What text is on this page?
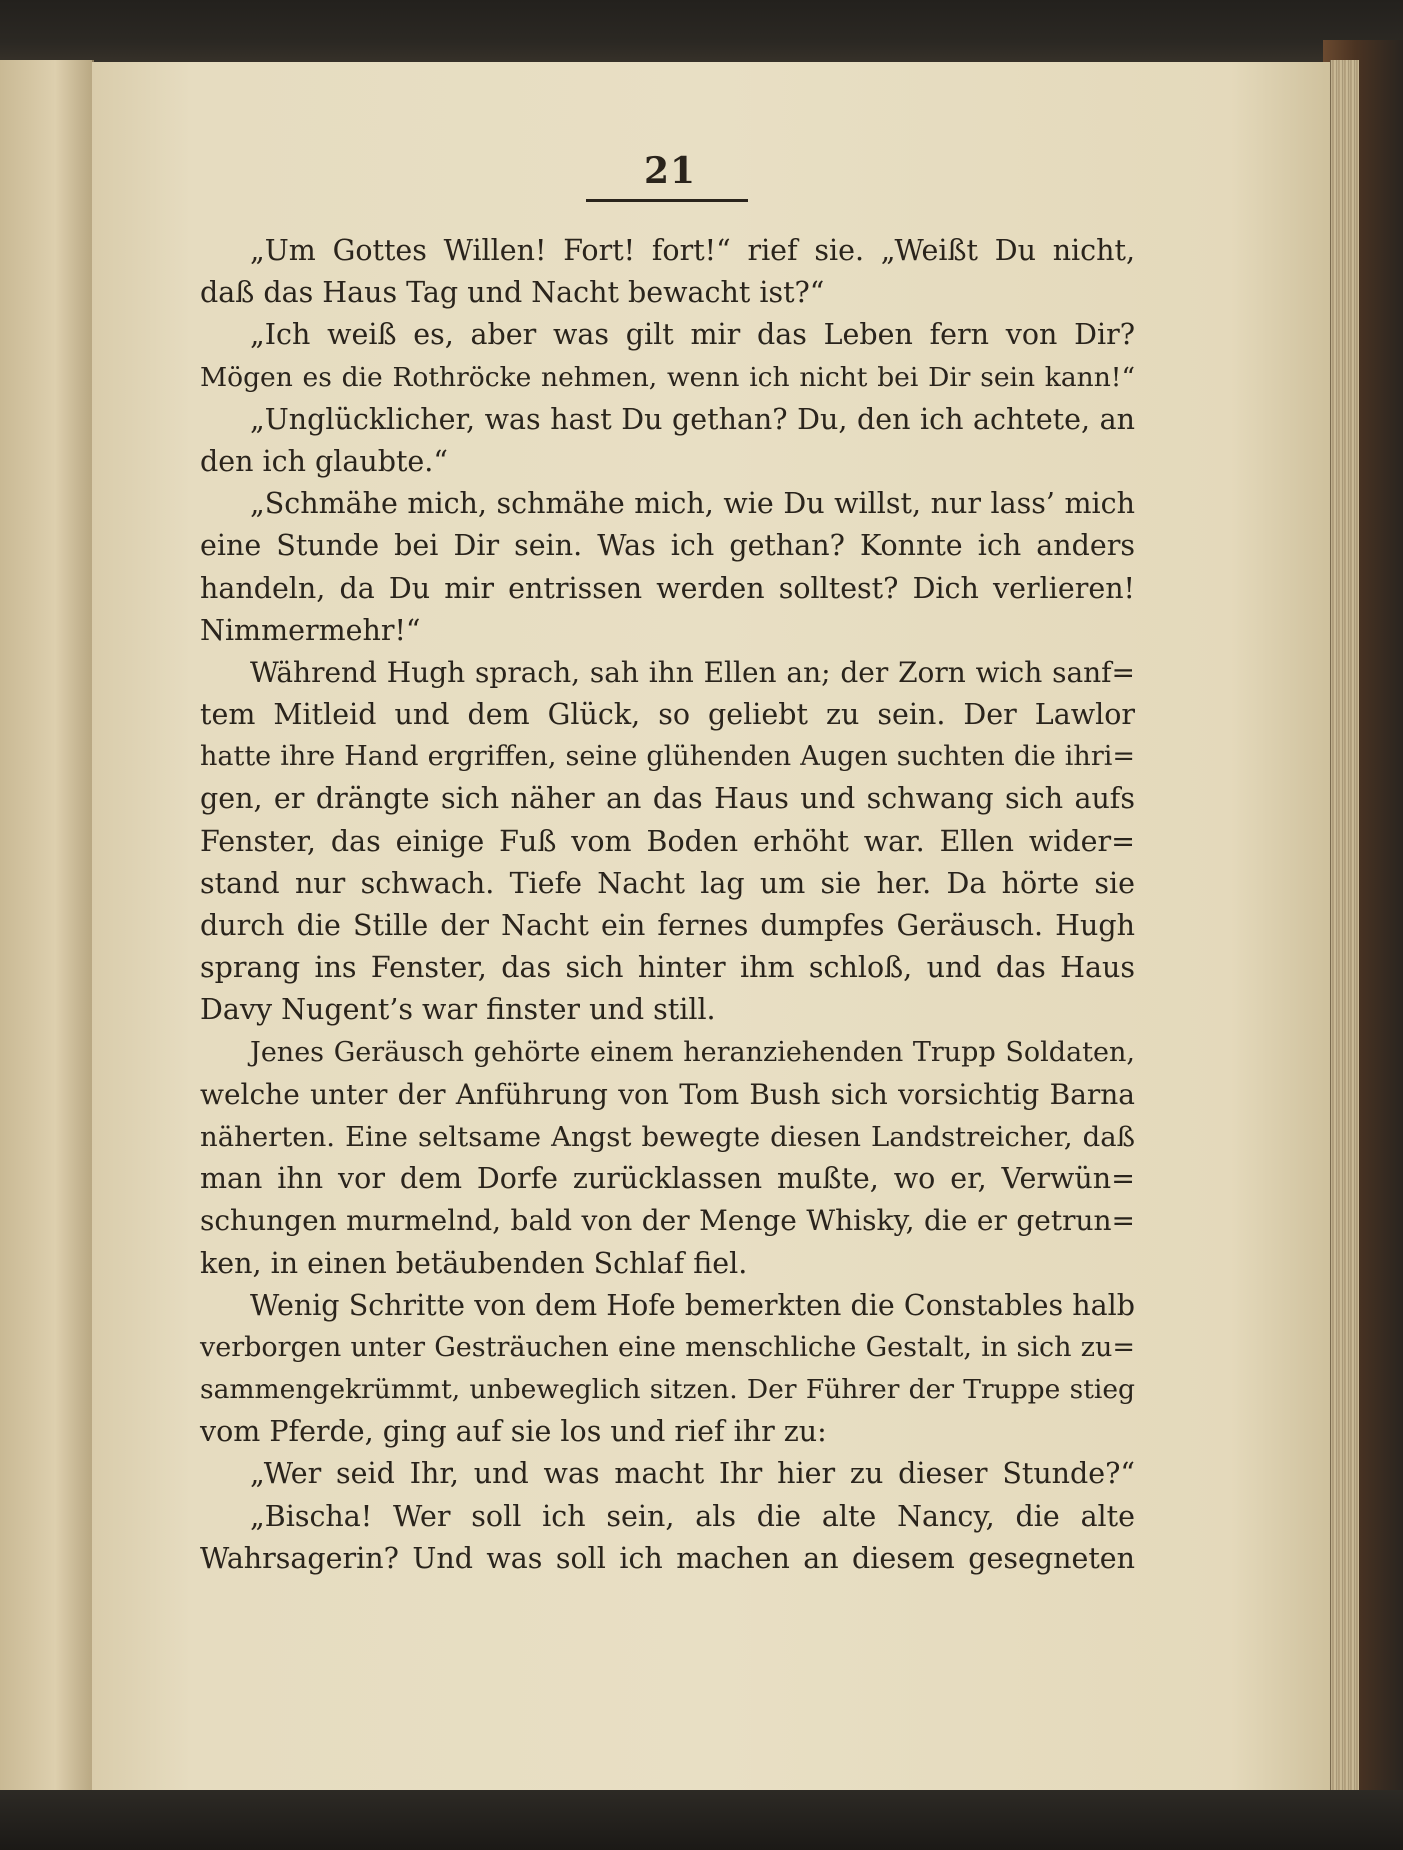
21
„Um Gottes Willen! Fort! fort!“ rief sie. „Weißt Du nicht,
daß das Haus Tag und Nacht bewacht ist?“
„Ich weiß es, aber was gilt mir das Leben fern von Dir?
Mögen es die Rothröcke nehmen, wenn ich nicht bei Dir sein kann!“
„Unglücklicher, was hast Du gethan? Du, den ich achtete, an
den ich glaubte.“
„Schmähe mich, schmähe mich, wie Du willst, nur lass’ mich
eine Stunde bei Dir sein. Was ich gethan? Konnte ich anders
handeln, da Du mir entrissen werden solltest? Dich verlieren!
Nimmermehr!“
Während Hugh sprach, sah ihn Ellen an; der Zorn wich sanf=
tem Mitleid und dem Glück, so geliebt zu sein. Der Lawlor
hatte ihre Hand ergriffen, seine glühenden Augen suchten die ihri=
gen, er drängte sich näher an das Haus und schwang sich aufs
Fenster, das einige Fuß vom Boden erhöht war. Ellen wider=
stand nur schwach. Tiefe Nacht lag um sie her. Da hörte sie
durch die Stille der Nacht ein fernes dumpfes Geräusch. Hugh
sprang ins Fenster, das sich hinter ihm schloß, und das Haus
Davy Nugent’s war finster und still.
Jenes Geräusch gehörte einem heranziehenden Trupp Soldaten,
welche unter der Anführung von Tom Bush sich vorsichtig Barna
näherten. Eine seltsame Angst bewegte diesen Landstreicher, daß
man ihn vor dem Dorfe zurücklassen mußte, wo er, Verwün=
schungen murmelnd, bald von der Menge Whisky, die er getrun=
ken, in einen betäubenden Schlaf fiel.
Wenig Schritte von dem Hofe bemerkten die Constables halb
verborgen unter Gesträuchen eine menschliche Gestalt, in sich zu=
sammengekrümmt, unbeweglich sitzen. Der Führer der Truppe stieg
vom Pferde, ging auf sie los und rief ihr zu:
„Wer seid Ihr, und was macht Ihr hier zu dieser Stunde?“
„Bischa! Wer soll ich sein, als die alte Nancy, die alte
Wahrsagerin? Und was soll ich machen an diesem gesegneten
